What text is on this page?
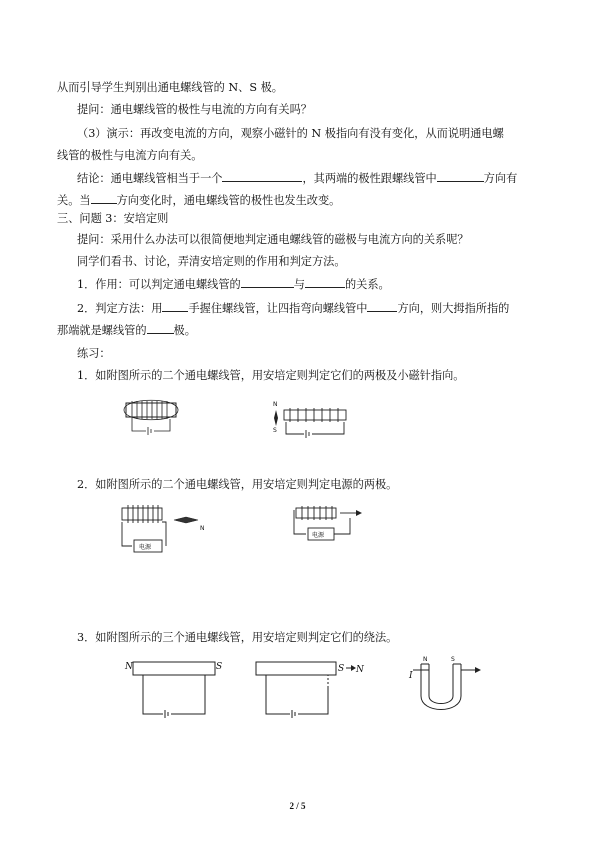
从而引导学生判别出通电螺线管的 N、S 极。
提问：通电螺线管的极性与电流的方向有关吗？
（3）演示：再改变电流的方向，观察小磁针的 N 极指向有没有变化，从而说明通电螺
线管的极性与电流方向有关。
结论：通电螺线管相当于一个	，其两端的极性跟螺线管中	方向有
关。当 方向变化时，通电螺线管的极性也发生改变。
三、问题 3：安培定则
提问：采用什么办法可以很简便地判定通电螺线管的磁极与电流方向的关系呢？
同学们看书、讨论，弄清安培定则的作用和判定方法。
1．作用：可以判定通电螺线管的	与	的关系。
2．判定方法：用 手握住螺线管，让四指弯向螺线管中	方向，则大拇指所指的
那端就是螺线管的 极。
练习：
1．如附图所示的二个通电螺线管，用安培定则判定它们的两极及小磁针指向。
N
S
2．如附图所示的二个通电螺线管，用安培定则判定电源的两极。
电源
N
电源
3．如附图所示的三个通电螺线管，用安培定则判定它们的绕法。
N	S	S N
N	S
I
2 / 5
